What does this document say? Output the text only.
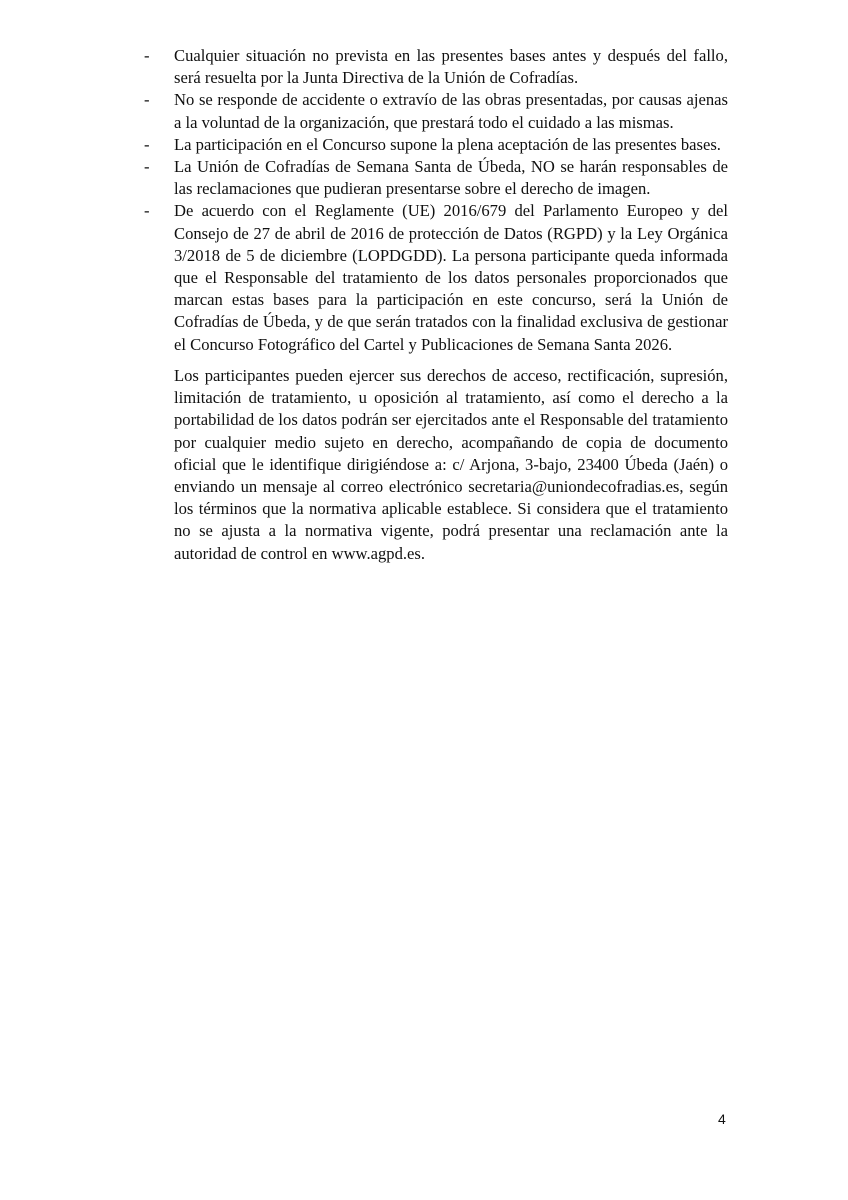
- Cualquier situación no prevista en las presentes bases antes y después del fallo, será resuelta por la Junta Directiva de la Unión de Cofradías.
- No se responde de accidente o extravío de las obras presentadas, por causas ajenas a la voluntad de la organización, que prestará todo el cuidado a las mismas.
- La participación en el Concurso supone la plena aceptación de las presentes bases.
- La Unión de Cofradías de Semana Santa de Úbeda, NO se harán responsables de las reclamaciones que pudieran presentarse sobre el derecho de imagen.
- De acuerdo con el Reglamente (UE) 2016/679 del Parlamento Europeo y del Consejo de 27 de abril de 2016 de protección de Datos (RGPD) y la Ley Orgánica 3/2018 de 5 de diciembre (LOPDGDD). La persona participante queda informada que el Responsable del tratamiento de los datos personales proporcionados que marcan estas bases para la participación en este concurso, será la Unión de Cofradías de Úbeda, y de que serán tratados con la finalidad exclusiva de gestionar el Concurso Fotográfico del Cartel y Publicaciones de Semana Santa 2026.

Los participantes pueden ejercer sus derechos de acceso, rectificación, supresión, limitación de tratamiento, u oposición al tratamiento, así como el derecho a la portabilidad de los datos podrán ser ejercitados ante el Responsable del tratamiento por cualquier medio sujeto en derecho, acompañando de copia de documento oficial que le identifique dirigiéndose a: c/ Arjona, 3-bajo, 23400 Úbeda (Jaén) o enviando un mensaje al correo electrónico secretaria@uniondecofradias.es, según los términos que la normativa aplicable establece. Si considera que el tratamiento no se ajusta a la normativa vigente, podrá presentar una reclamación ante la autoridad de control en www.agpd.es.

4
